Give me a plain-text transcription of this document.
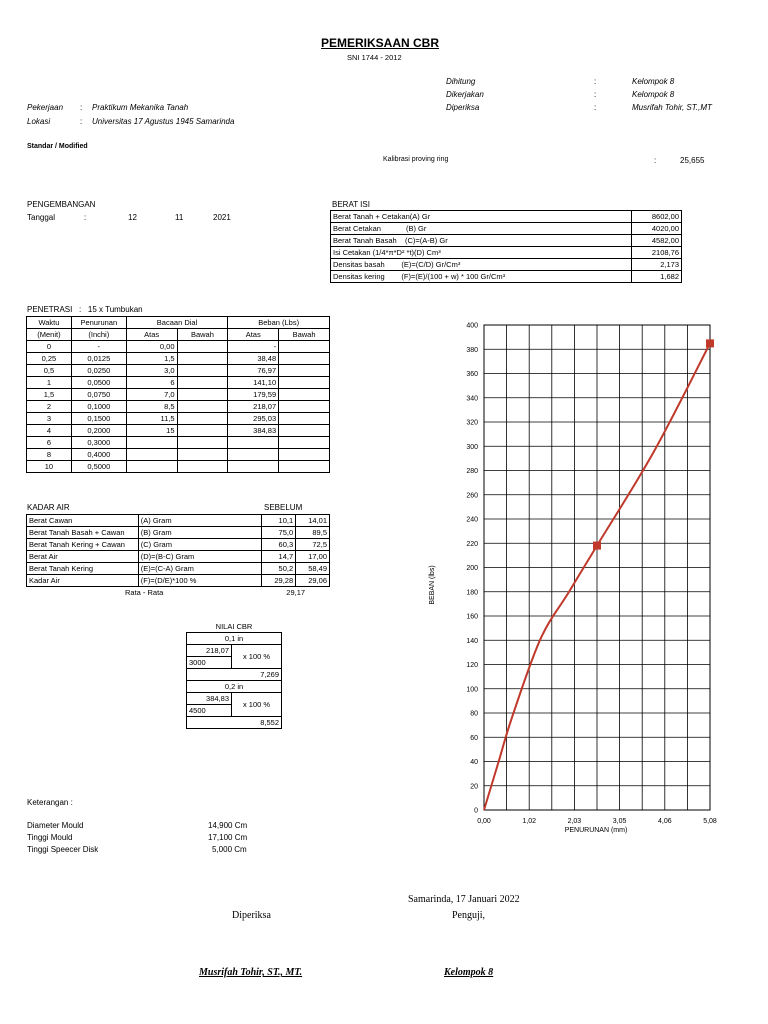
PEMERIKSAAN CBR
SNI 1744 - 2012
Dihitung	:	Kelompok 8
Dikerjakan	:	Kelompok 8
Diperiksa	:	Musrifah Tohir, ST.,MT
Pekerjaan : Praktikum Mekanika Tanah
Lokasi	: Universitas 17 Agustus 1945 Samarinda
Standar / Modified
Kalibrasi proving ring	:	25,655
PENGEMBANGAN
Tanggal	:	12	11	2021
BERAT ISI
Berat Tanah + Cetakan(A) Gr	8602,00
Berat Cetakan            (B) Gr	4020,00
Berat Tanah Basah    (C)=(A-B) Gr	4582,00
Isi Cetakan (1/4*π*D² *t)(D) Cm³	2108,76
Densitas basah        (E)=(C/D) Gr/Cm³	2,173
Densitas kering        (F)=(E)/(100 + w) * 100 Gr/Cm³	1,682
PENETRASI   :   15 x Tumbukan
Waktu	Penurunan	Bacaan Dial		Beban (Lbs)	
(Menit)	(Inchi)	Atas	Bawah	Atas	Bawah
0	-	0,00		-	
0,25	0,0125	1,5		38,48	
0,5	0,0250	3,0		76,97	
1	0,0500	6		141,10	
1,5	0,0750	7,0		179,59	
2	0,1000	8,5		218,07	
3	0,1500	11,5		295,03	
4	0,2000	15		384,83	
6	0,3000				
8	0,4000				
10	0,5000				
KADAR AIR	SEBELUM
Berat Cawan	(A) Gram	10,1	14,01
Berat Tanah Basah + Cawan	(B) Gram	75,0	89,5
Berat Tanah Kering + Cawan	(C) Gram	60,3	72,5
Berat Air	(D)=(B-C) Gram	14,7	17,00
Berat Tanah Kering	(E)=(C-A) Gram	50,2	58,49
Kadar Air	(F)=(D/E)*100 %	29,28	29,06
Rata - Rata		29,17	
NILAI CBR	
0,1 in	

218,07
3000	x 100 %
7,269	
0,2 in	

384,83
4500	x 100 %
8,552	
Keterangan :
Diameter Mould	14,900 Cm
Tinggi Mould	17,100 Cm
Tinggi Speecer Disk	5,000 Cm
Samarinda, 17 Januari 2022
Diperiksa	Penguji,
Musrifah Tohir, ST., MT.	Kelompok 8
0
20
40
60
80
100
120
140
160
180
200
220
240
260
280
300
320
340
360
380
400
0,00	1,02	2,03	3,05	4,06	5,08
PENURUNAN (mm)
BEBAN (lbs)
